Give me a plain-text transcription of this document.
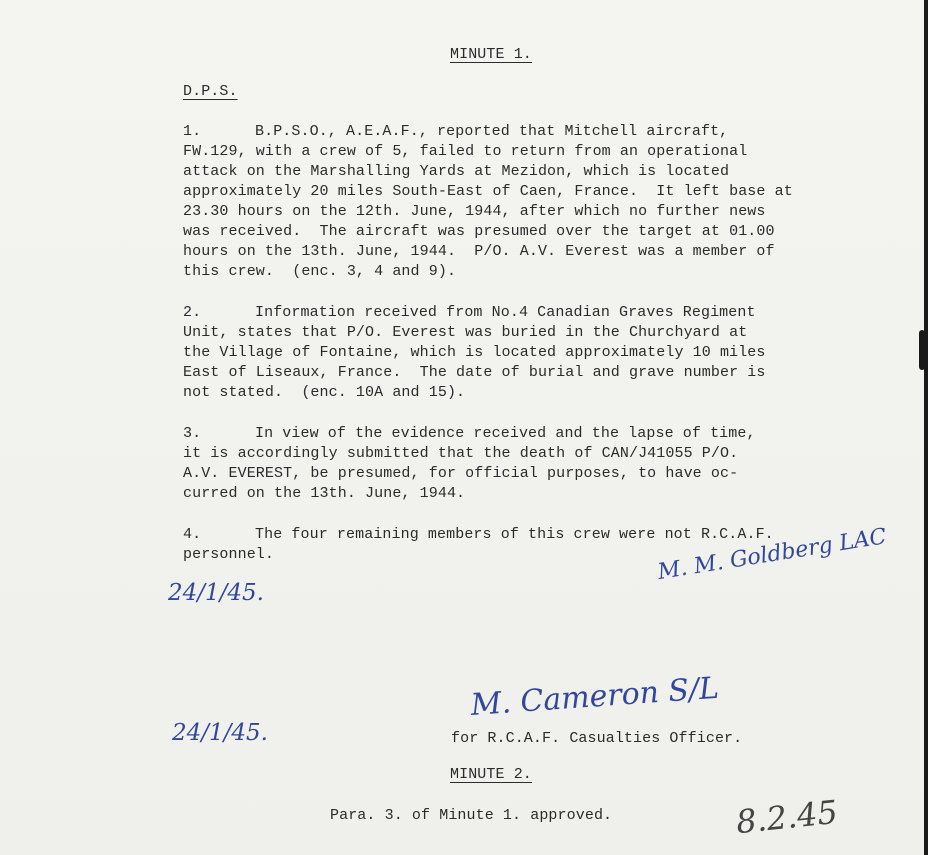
MINUTE 1.
D.P.S.
1.	B.P.S.O., A.E.A.F., reported that Mitchell aircraft,
FW.129, with a crew of 5, failed to return from an operational
attack on the Marshalling Yards at Mezidon, which is located
approximately 20 miles South-East of Caen, France.  It left base at
23.30 hours on the 12th. June, 1944, after which no further news
was received.  The aircraft was presumed over the target at 01.00
hours on the 13th. June, 1944.  P/O. A.V. Everest was a member of
this crew.  (enc. 3, 4 and 9).
2.	Information received from No.4 Canadian Graves Regiment
Unit, states that P/O. Everest was buried in the Churchyard at
the Village of Fontaine, which is located approximately 10 miles
East of Liseaux, France.  The date of burial and grave number is
not stated.  (enc. 10A and 15).
3.	In view of the evidence received and the lapse of time,
it is accordingly submitted that the death of CAN/J41055 P/O.
A.V. EVEREST, be presumed, for official purposes, to have oc-
curred on the 13th. June, 1944.
4.	The four remaining members of this crew were not R.C.A.F.
personnel.
24/1/45.
M. M. Goldberg LAC
24/1/45.
M. Cameron S/L
for R.C.A.F. Casualties Officer.
MINUTE 2.
Para. 3. of Minute 1. approved.	8.2.45
